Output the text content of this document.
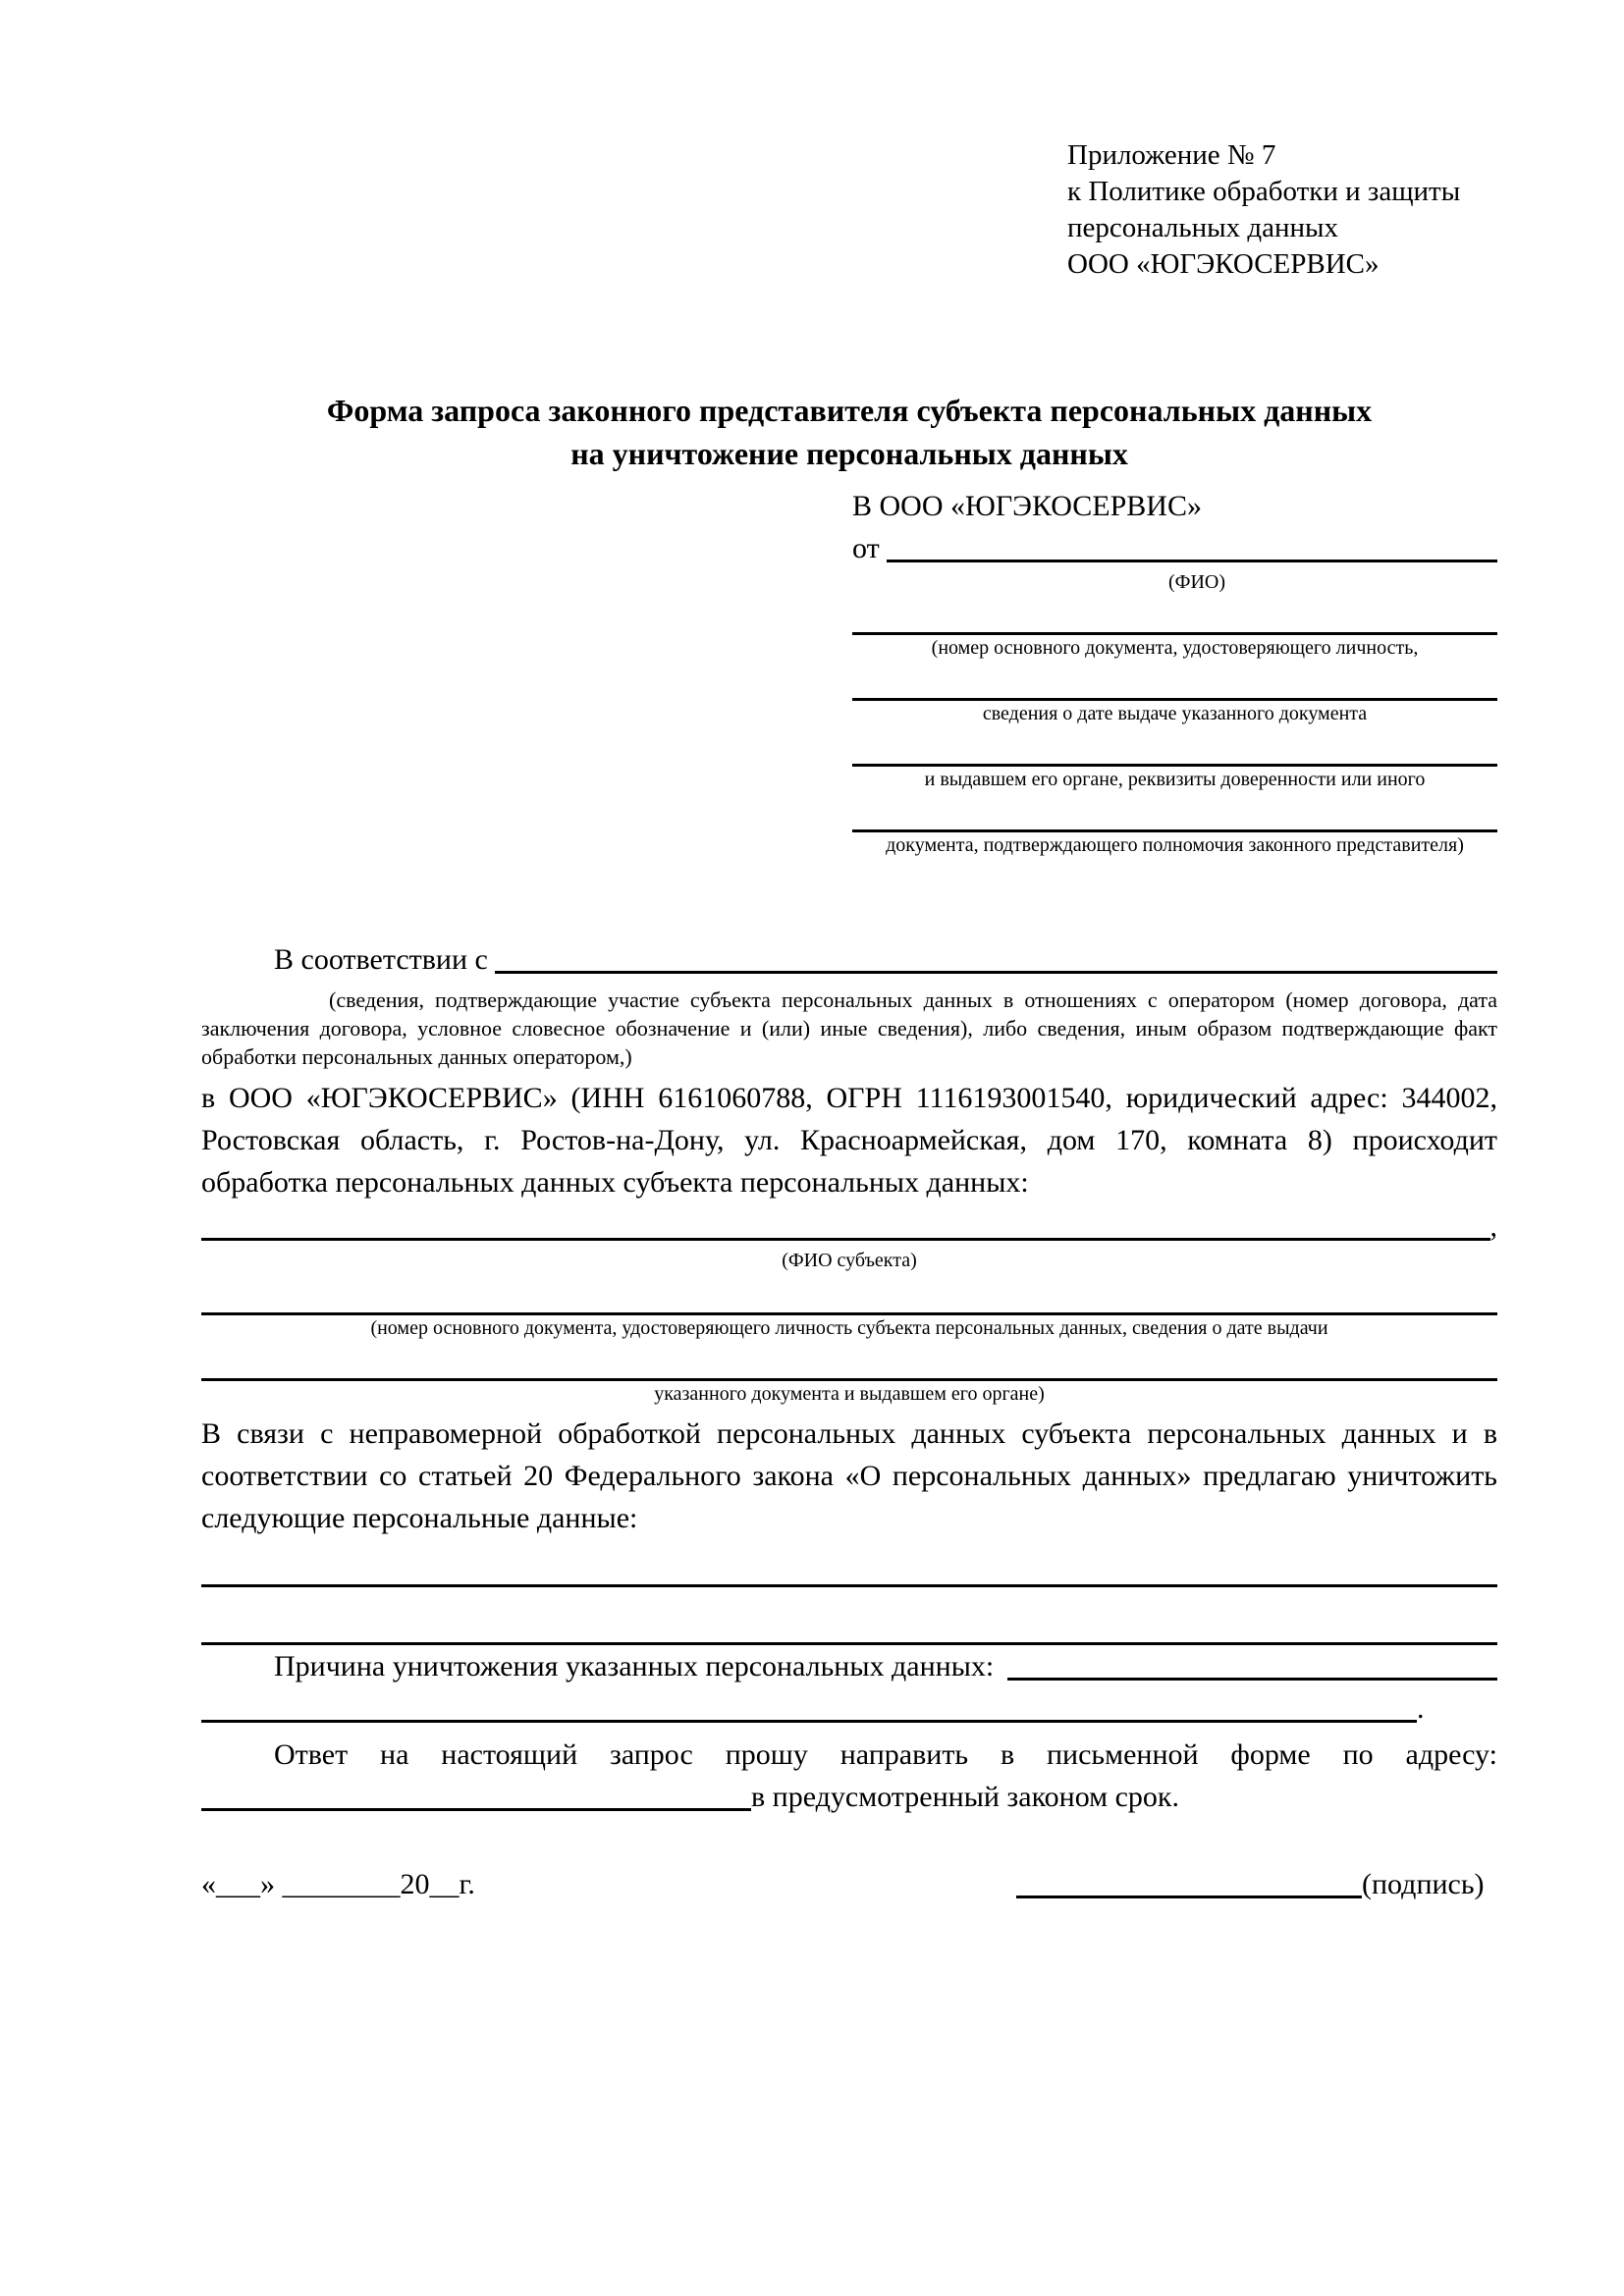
Приложение № 7
к Политике обработки и защиты
персональных данных
ООО «ЮГЭКОСЕРВИС»
Форма запроса законного представителя субъекта персональных данных
на уничтожение персональных данных
В ООО «ЮГЭКОСЕРВИС»
от
(ФИО)
(номер основного документа, удостоверяющего личность,
сведения о дате выдаче указанного документа
и выдавшем его органе, реквизиты доверенности или иного
документа, подтверждающего полномочия законного представителя)
В соответствии с
(сведения, подтверждающие участие субъекта персональных данных в отношениях с оператором (номер договора, дата заключения договора, условное словесное обозначение и (или) иные сведения), либо сведения, иным образом подтверждающие факт обработки персональных данных оператором,)

в ООО «ЮГЭКОСЕРВИС» (ИНН 6161060788, ОГРН 1116193001540, юридический адрес: 344002, Ростовская область, г. Ростов-на-Дону, ул. Красноармейская, дом 170, комната 8) происходит обработка персональных данных субъекта персональных данных:

,
(ФИО субъекта)
(номер основного документа, удостоверяющего личность субъекта персональных данных, сведения о дате выдачи
указанного документа и выдавшем его органе)

В связи с неправомерной обработкой персональных данных субъекта персональных данных и в соответствии со статьей 20 Федерального закона «О персональных данных» предлагаю уничтожить следующие персональные данные:

Причина уничтожения указанных персональных данных:
.

Ответ на настоящий запрос прошу направить в письменной форме по адресу:

в предусмотренный законом срок.
«___» ________20__г.	(подпись)
